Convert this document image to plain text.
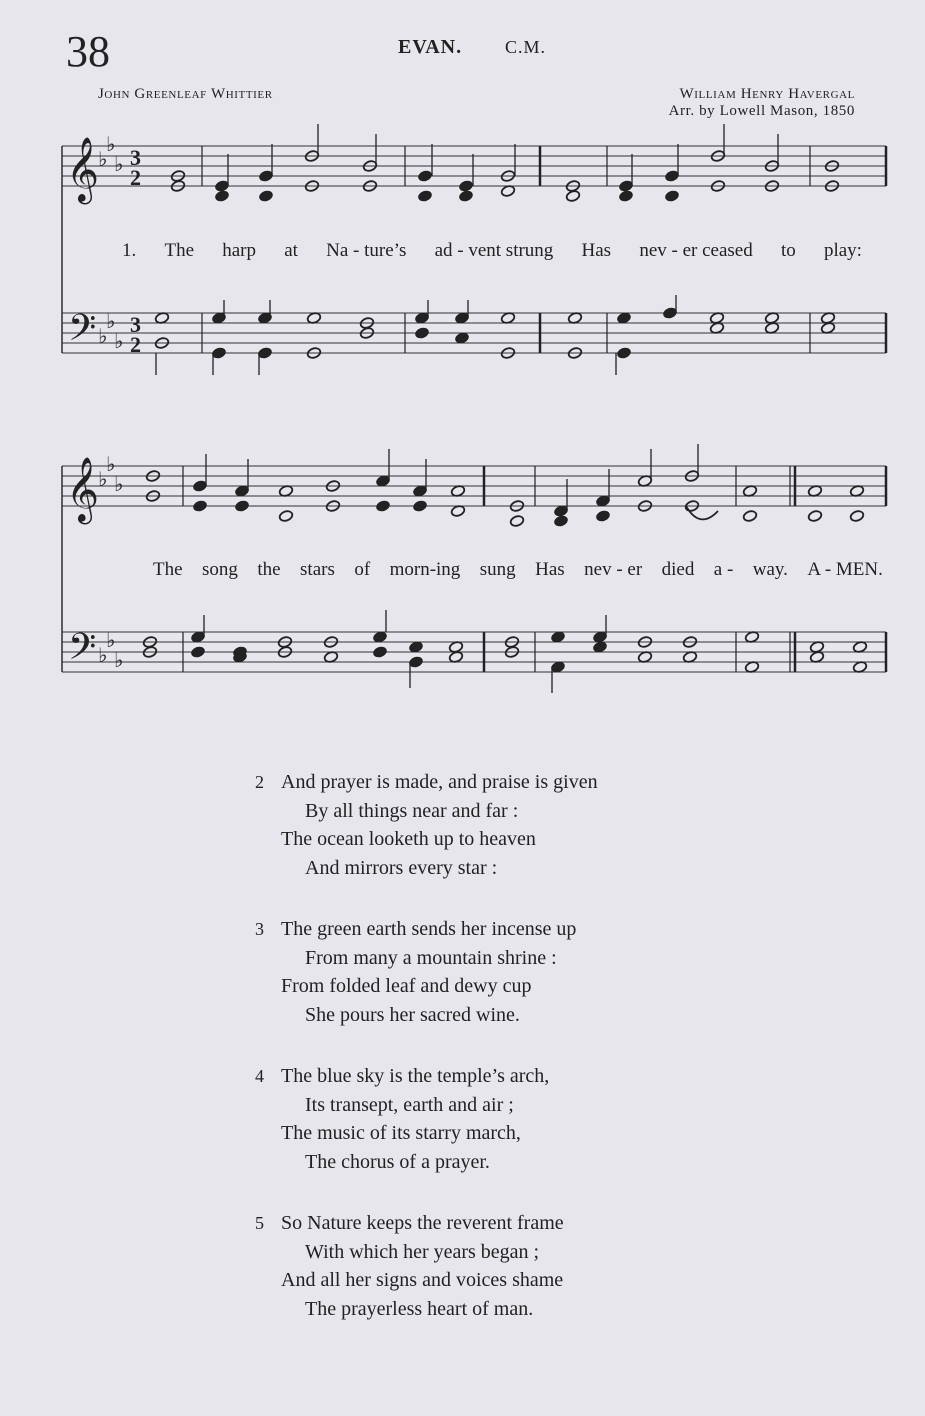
38	EVAN. C.M.
John Greenleaf Whittier	William Henry Havergal
Arr. by Lowell Mason, 1850
𝄞
𝄢
♭
♭
♭
♭
♭
♭
3
2
3
2
𝄞
𝄢
♭
♭
♭
♭
♭
♭
1. The harp at Na - ture’s ad - vent strung Has nev - er ceased to play:
The song the stars of morn-ing sung Has nev - er died a - way. A - MEN.
2 And prayer is made, and praise is given
By all things near and far :
The ocean looketh up to heaven
And mirrors every star :
3 The green earth sends her incense up
From many a mountain shrine :
From folded leaf and dewy cup
She pours her sacred wine.
4 The blue sky is the temple’s arch,
Its transept, earth and air ;
The music of its starry march,
The chorus of a prayer.
5 So Nature keeps the reverent frame
With which her years began ;
And all her signs and voices shame
The prayerless heart of man.
